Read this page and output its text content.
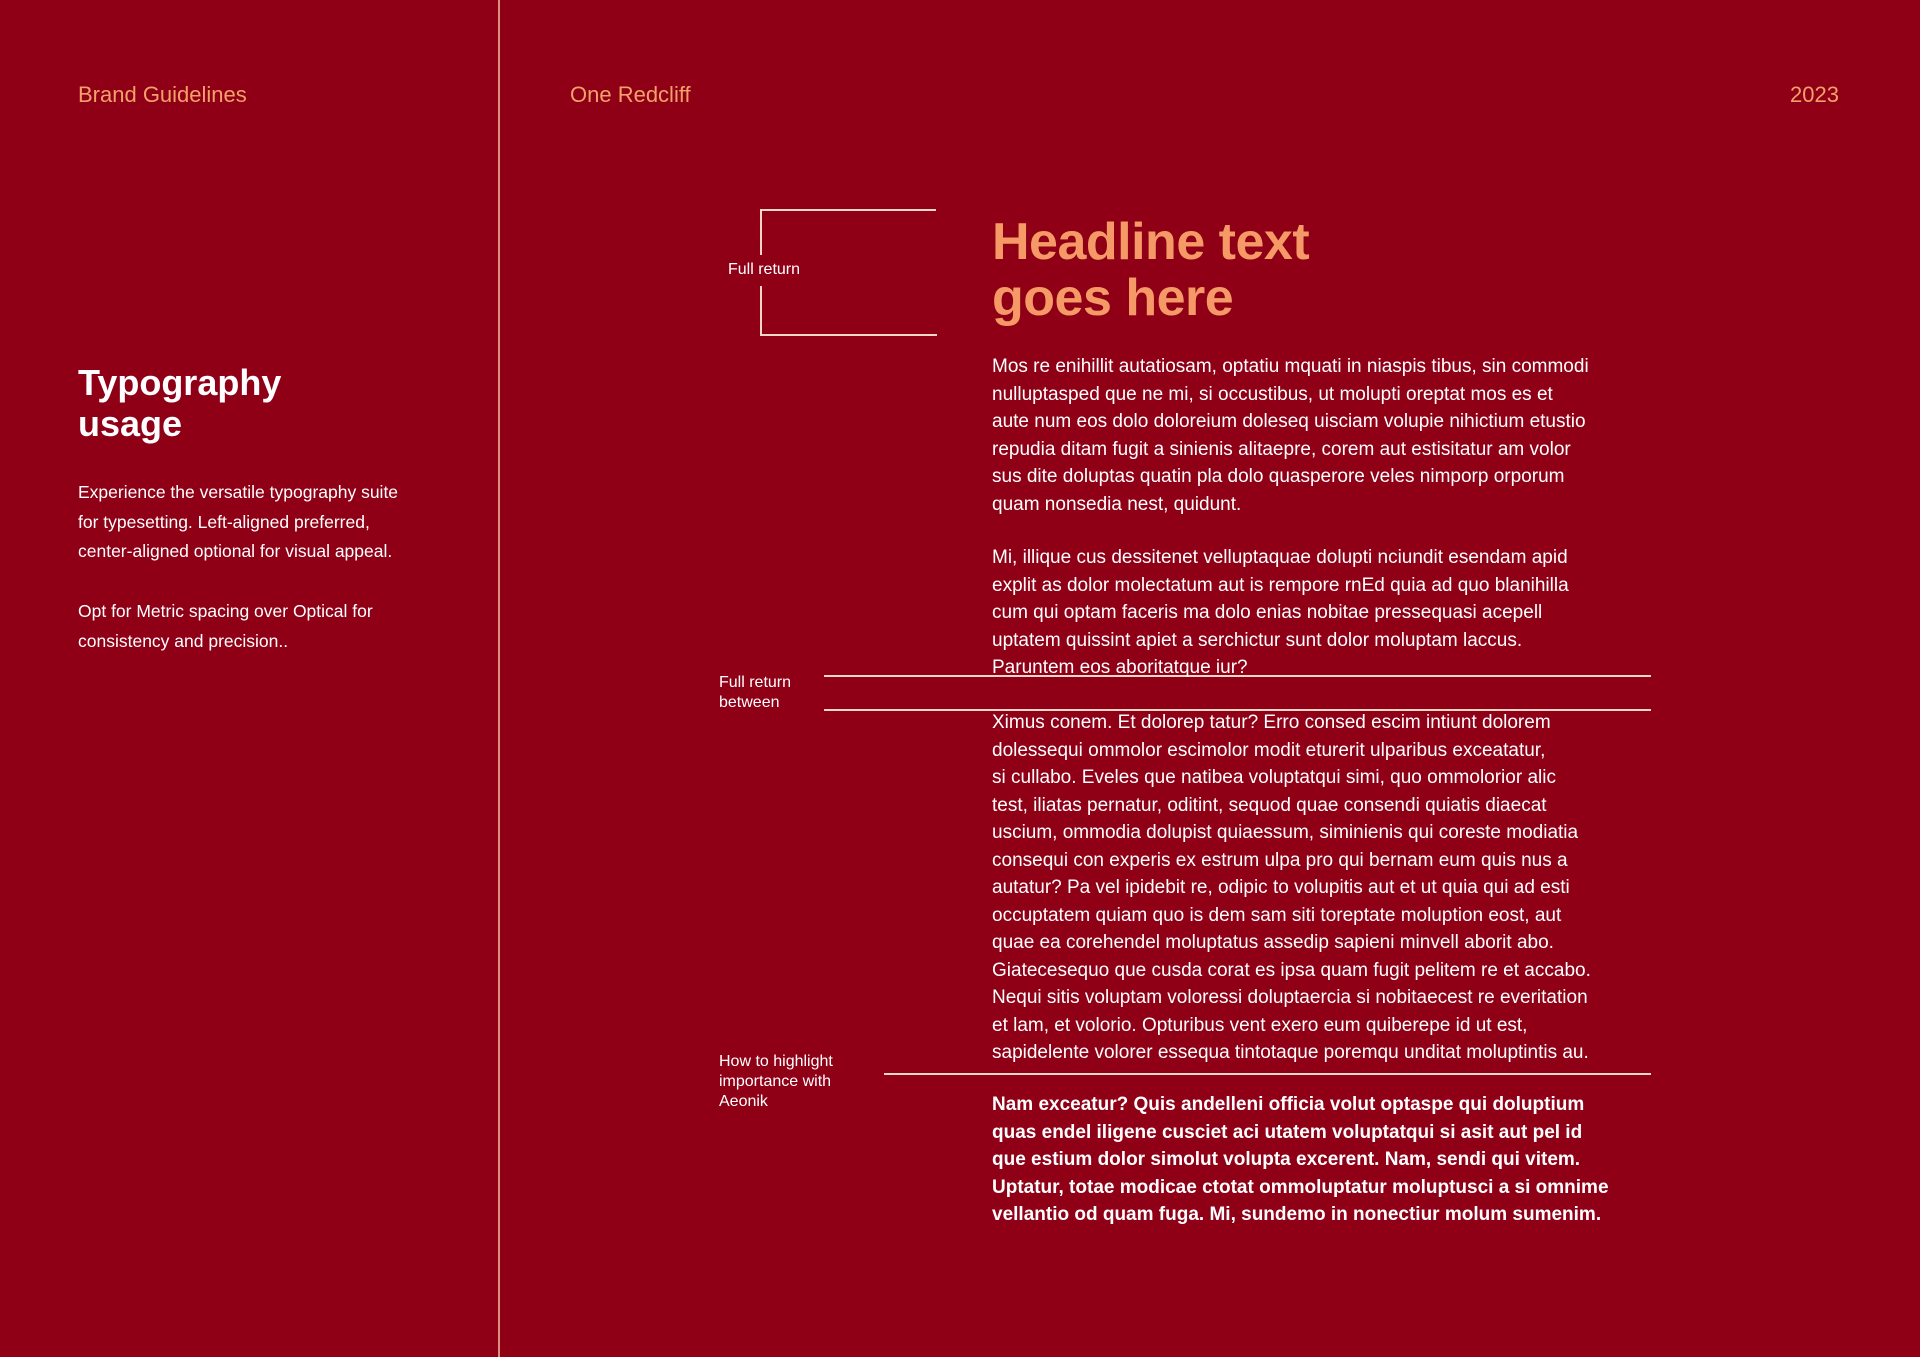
Brand Guidelines	One Redcliff	2023
Typography
usage
Experience the versatile typography suite
for typesetting. Left-aligned preferred,
center-aligned optional for visual appeal.
Opt for Metric spacing over Optical for
consistency and precision..
Full return
Full return
between
How to highlight
importance with
Aeonik
Headline text
goes here
Mos re enihillit autatiosam, optatiu mquati in niaspis tibus, sin commodi
nulluptasped que ne mi, si occustibus, ut molupti oreptat mos es et
aute num eos dolo doloreium doleseq uisciam volupie nihictium etustio
repudia ditam fugit a sinienis alitaepre, corem aut estisitatur am volor
sus dite doluptas quatin pla dolo quasperore veles nimporp orporum
quam nonsedia nest, quidunt.
Mi, illique cus dessitenet velluptaquae dolupti nciundit esendam apid
explit as dolor molectatum aut is rempore rnEd quia ad quo blanihilla
cum qui optam faceris ma dolo enias nobitae pressequasi acepell
uptatem quissint apiet a serchictur sunt dolor moluptam laccus.
Paruntem eos aboritatque iur?
Ximus conem. Et dolorep tatur? Erro consed escim intiunt dolorem
dolessequi ommolor escimolor modit eturerit ulparibus exceatatur,
si cullabo. Eveles que natibea voluptatqui simi, quo ommolorior alic
test, iliatas pernatur, oditint, sequod quae consendi quiatis diaecat
uscium, ommodia dolupist quiaessum, siminienis qui coreste modiatia
consequi con experis ex estrum ulpa pro qui bernam eum quis nus a
autatur? Pa vel ipidebit re, odipic to volupitis aut et ut quia qui ad esti
occuptatem quiam quo is dem sam siti toreptate moluption eost, aut
quae ea corehendel moluptatus assedip sapieni minvell aborit abo.
Giatecesequo que cusda corat es ipsa quam fugit pelitem re et accabo.
Nequi sitis voluptam voloressi doluptaercia si nobitaecest re everitation
et lam, et volorio. Opturibus vent exero eum quiberepe id ut est,
sapidelente volorer essequa tintotaque poremqu unditat moluptintis au.
Nam exceatur? Quis andelleni officia volut optaspe qui doluptium
quas endel iligene cusciet aci utatem voluptatqui si asit aut pel id
que estium dolor simolut volupta excerent. Nam, sendi qui vitem.
Uptatur, totae modicae ctotat ommoluptatur moluptusci a si omnime
vellantio od quam fuga. Mi, sundemo in nonectiur molum sumenim.
